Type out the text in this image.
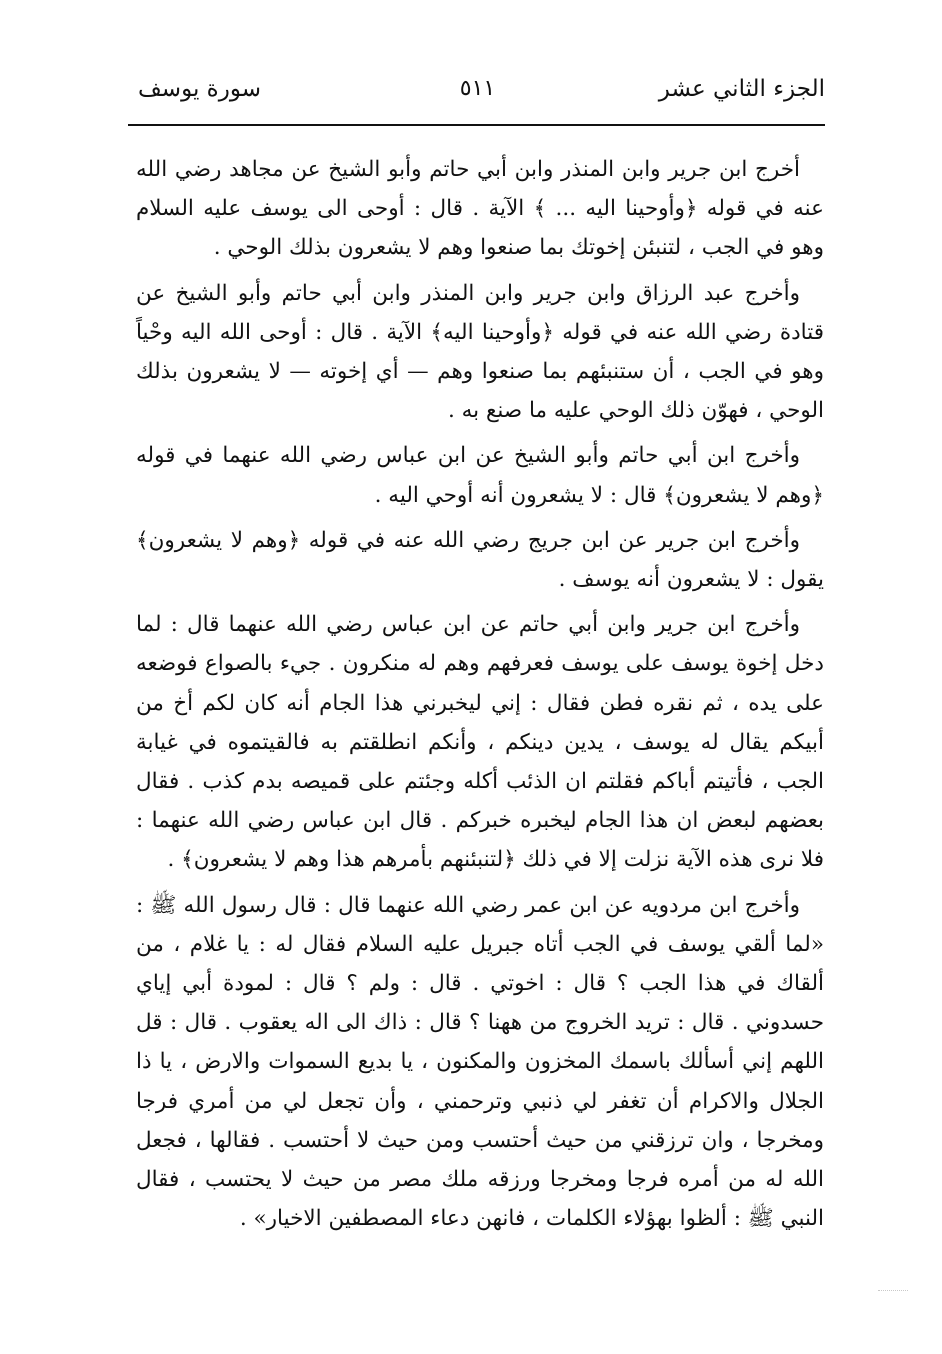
الجزء الثاني عشر
٥١١
سورة يوسف

أخرج ابن جرير وابن المنذر وابن أبي حاتم وأبو الشيخ عن مجاهد رضي الله عنه في قوله ﴿وأوحينا اليه ... ﴾ الآية . قال : أوحى الى يوسف عليه السلام وهو في الجب ، لتنبئن إخوتك بما صنعوا وهم لا يشعرون بذلك الوحي .

وأخرج عبد الرزاق وابن جرير وابن المنذر وابن أبي حاتم وأبو الشيخ عن قتادة رضي الله عنه في قوله ﴿وأوحينا اليه﴾ الآية . قال : أوحى الله اليه وحْياً وهو في الجب ، أن ستنبئهم بما صنعوا وهم — أي إخوته — لا يشعرون بذلك الوحي ، فهوّن ذلك الوحي عليه ما صنع به .

وأخرج ابن أبي حاتم وأبو الشيخ عن ابن عباس رضي الله عنهما في قوله ﴿وهم لا يشعرون﴾ قال : لا يشعرون أنه أوحي اليه .

وأخرج ابن جرير عن ابن جريج رضي الله عنه في قوله ﴿وهم لا يشعرون﴾ يقول : لا يشعرون أنه يوسف .

وأخرج ابن جرير وابن أبي حاتم عن ابن عباس رضي الله عنهما قال : لما دخل إخوة يوسف على يوسف فعرفهم وهم له منكرون . جيء بالصواع فوضعه على يده ، ثم نقره فطن فقال : إني ليخبرني هذا الجام أنه كان لكم أخ من أبيكم يقال له يوسف ، يدين دينكم ، وأنكم انطلقتم به فالقيتموه في غيابة الجب ، فأتيتم أباكم فقلتم ان الذئب أكله وجئتم على قميصه بدم كذب . فقال بعضهم لبعض ان هذا الجام ليخبره خبركم . قال ابن عباس رضي الله عنهما : فلا نرى هذه الآية نزلت إلا في ذلك ﴿لتنبئنهم بأمرهم هذا وهم لا يشعرون﴾ .

وأخرج ابن مردويه عن ابن عمر رضي الله عنهما قال : قال رسول الله ﷺ : «لما ألقي يوسف في الجب أتاه جبريل عليه السلام فقال له : يا غلام ، من ألقاك في هذا الجب ؟ قال : اخوتي . قال : ولم ؟ قال : لمودة أبي إياي حسدوني . قال : تريد الخروج من ههنا ؟ قال : ذاك الى اله يعقوب . قال : قل اللهم إني أسألك باسمك المخزون والمكنون ، يا بديع السموات والارض ، يا ذا الجلال والاكرام أن تغفر لي ذنبي وترحمني ، وأن تجعل لي من أمري فرجا ومخرجا ، وان ترزقني من حيث أحتسب ومن حيث لا أحتسب . فقالها ، فجعل الله له من أمره فرجا ومخرجا ورزقه ملك مصر من حيث لا يحتسب ، فقال النبي ﷺ : ألظوا بهؤلاء الكلمات ، فانهن دعاء المصطفين الاخيار» .
